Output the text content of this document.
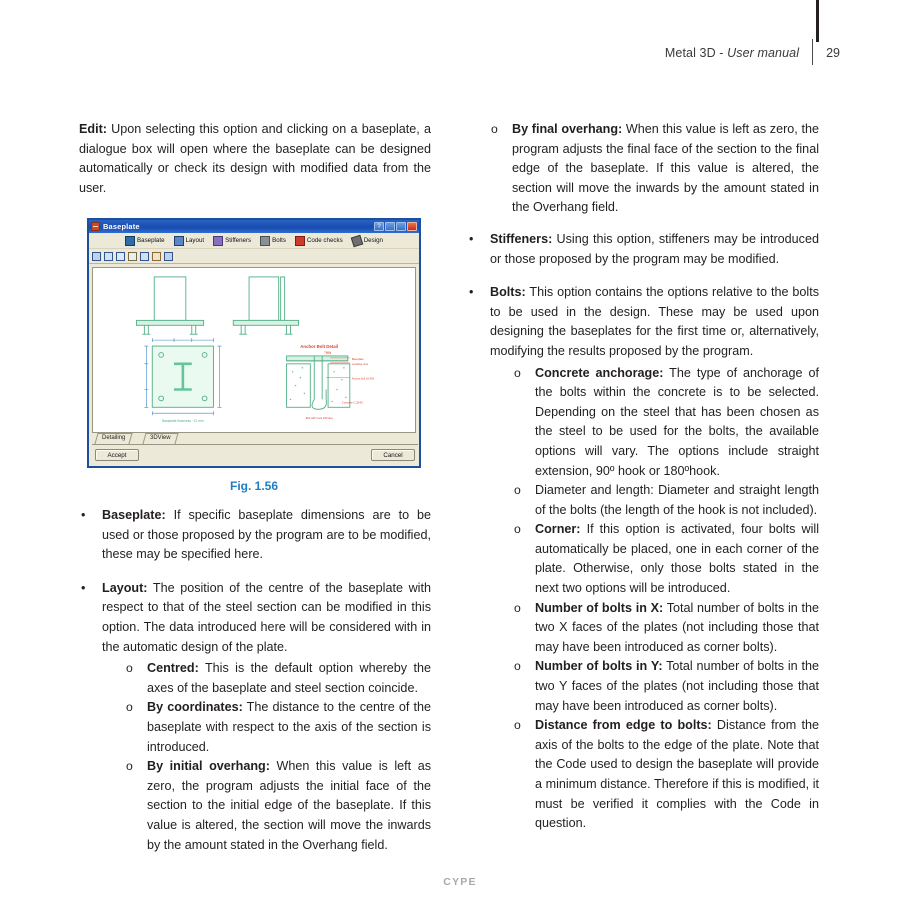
Metal 3D - User manual 29

Edit: Upon selecting this option and clicking on a baseplate, a dialogue box will open where the baseplate can be designed automatically or check its design with modified data from the user.

Baseplate	?
Baseplate	Layout	Stiffeners	Bolts	Code checks	Design
Baseplate thickness : 12 mm
Anchor Bolt Detail
M16
Baseplate
Levelling nuts
Anchor bolt 16-500
Concrete C 25/30
Bolt with hook 180 deg
Detailing	3DView
Accept	Cancel
Fig. 1.56
• Baseplate: If specific baseplate dimensions are to be used or those proposed by the program are to be modified, these may be specified here.
• Layout: The position of the centre of the baseplate with respect to that of the steel section can be modified in this option. The data introduced here will be considered with in the automatic design of the plate.
o Centred: This is the default option whereby the axes of the baseplate and steel section coincide.
o By coordinates: The distance to the centre of the baseplate with respect to the axis of the section is introduced.
o By initial overhang: When this value is left as zero, the program adjusts the initial face of the section to the initial edge of the baseplate. If this value is altered, the section will move the inwards by the amount stated in the Overhang field.
o By final overhang: When this value is left as zero, the program adjusts the final face of the section to the final edge of the baseplate. If this value is altered, the section will move the inwards by the amount stated in the Overhang field.
• Stiffeners: Using this option, stiffeners may be introduced or those proposed by the program may be modified.
• Bolts: This option contains the options relative to the bolts to be used in the design. These may be used upon designing the baseplates for the first time or, alternatively, modifying the results proposed by the program.
o Concrete anchorage: The type of anchorage of the bolts within the concrete is to be selected. Depending on the steel that has been chosen as the steel to be used for the bolts, the available options will vary. The options include straight extension, 90º hook or 180ºhook.
o Diameter and length: Diameter and straight length of the bolts (the length of the hook is not included).
o Corner: If this option is activated, four bolts will automatically be placed, one in each corner of the plate. Otherwise, only those bolts stated in the next two options will be introduced.
o Number of bolts in X: Total number of bolts in the two X faces of the plates (not including those that may have been introduced as corner bolts).
o Number of bolts in Y: Total number of bolts in the two Y faces of the plates (not including those that may have been introduced as corner bolts).
o Distance from edge to bolts: Distance from the axis of the bolts to the edge of the plate. Note that the Code used to design the baseplate will provide a minimum distance. Therefore if this is modified, it must be verified it complies with the Code in question.
CYPE
